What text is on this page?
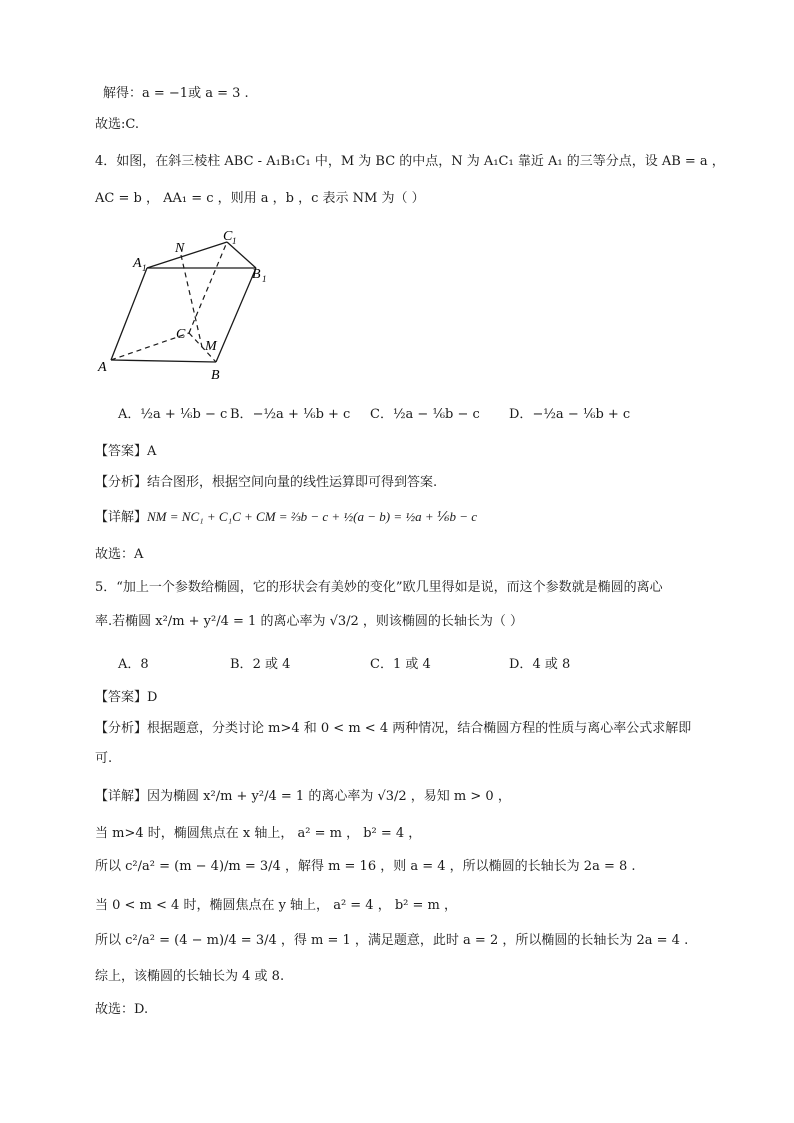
解得：a = −1或 a = 3 .
故选:C.
4．如图，在斜三棱柱 ABC - A₁B₁C₁ 中，M 为 BC 的中点，N 为 A₁C₁ 靠近 A₁ 的三等分点，设 AB = a ，
AC = b ， AA₁ = c ，则用 a ，b ，c 表示 NM 为（ ）
N
C 1
A 1	B 1
C
M
A
B
A．½a + ⅙b − c B．−½a + ⅙b + c C．½a − ⅙b − c D．−½a − ⅙b + c
【答案】A
【分析】结合图形，根据空间向量的线性运算即可得到答案.
【详解】NM = NC₁ + C₁C + CM = ⅔b − c + ½(a − b) = ½a + ⅙b − c
故选：A
5．“加上一个参数给椭圆，它的形状会有美妙的变化”欧几里得如是说，而这个参数就是椭圆的离心
率.若椭圆 x²/m + y²/4 = 1 的离心率为 √3/2 ，则该椭圆的长轴长为（ ）
A．8	B．2 或 4	C．1 或 4	D．4 或 8
【答案】D
【分析】根据题意，分类讨论 m>4 和 0 < m < 4 两种情况，结合椭圆方程的性质与离心率公式求解即
可.
【详解】因为椭圆 x²/m + y²/4 = 1 的离心率为 √3/2 ，易知 m > 0 ，
当 m>4 时，椭圆焦点在 x 轴上， a² = m ， b² = 4 ，
所以 c²/a² = (m − 4)/m = 3/4 ，解得 m = 16 ，则 a = 4 ，所以椭圆的长轴长为 2a = 8 .
当 0 < m < 4 时，椭圆焦点在 y 轴上， a² = 4 ， b² = m ，
所以 c²/a² = (4 − m)/4 = 3/4 ，得 m = 1 ，满足题意，此时 a = 2 ，所以椭圆的长轴长为 2a = 4 .
综上，该椭圆的长轴长为 4 或 8.
故选：D.
